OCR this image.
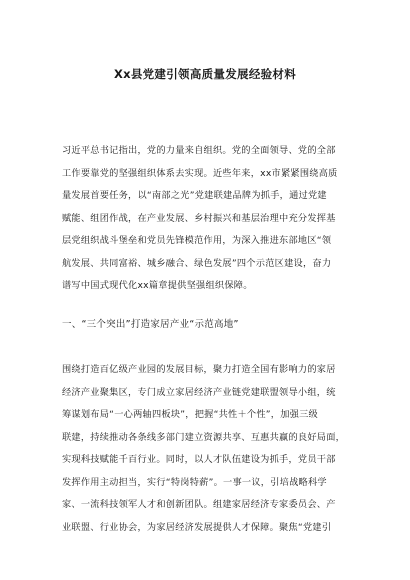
Xx县党建引领高质量发展经验材料
习近平总书记指出，党的力量来自组织。党的全面领导、党的全部
工作要靠党的坚强组织体系去实现。近些年来，xx市紧紧围绕高质
量发展首要任务，以“南部之光”党建联建品牌为抓手，通过党建
赋能、组团作战，在产业发展、乡村振兴和基层治理中充分发挥基
层党组织战斗堡垒和党员先锋模范作用，为深入推进东部地区“领
航发展、共同富裕、城乡融合、绿色发展”四个示范区建设，奋力
谱写中国式现代化xx篇章提供坚强组织保障。
一、“三个突出”打造家居产业“示范高地”
围绕打造百亿级产业园的发展目标，聚力打造全国有影响力的家居
经济产业聚集区，专门成立家居经济产业链党建联盟领导小组，统
筹谋划布局“一心两轴四板块”，把握“共性＋个性”，加强三级
联建，持续推动各条线多部门建立资源共享、互惠共赢的良好局面，
实现科技赋能千百行业。同时，以人才队伍建设为抓手，党员干部
发挥作用主动担当，实行“特岗特薪”。一事一议，引培战略科学
家、一流科技领军人才和创新团队。组建家居经济专家委员会、产
业联盟、行业协会，为家居经济发展提供人才保障。聚焦“党建引
